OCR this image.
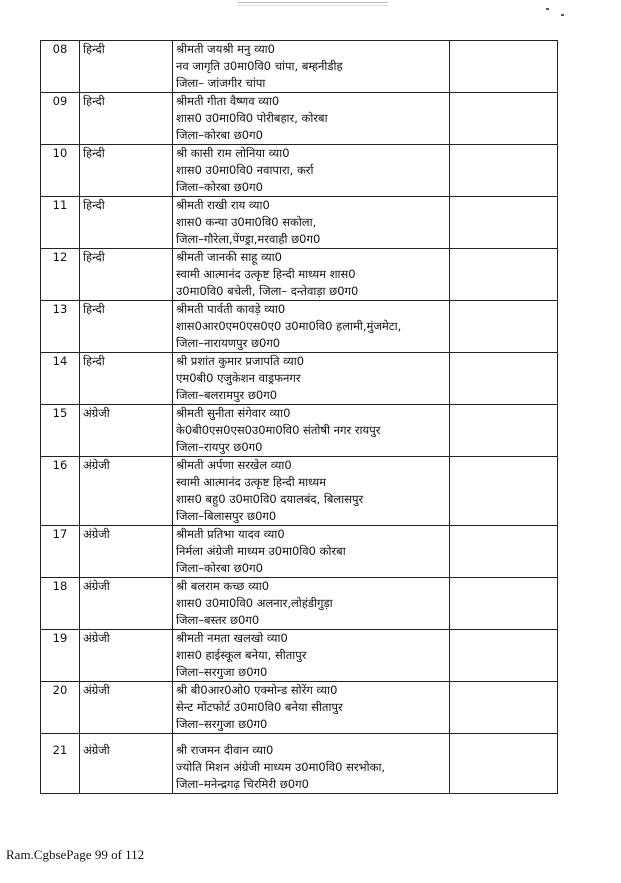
08	हिन्दी	श्रीमती जयश्री मनु व्या0
नव जागृति उ0मा0वि0 चांपा, बम्हनीडीह
जिला– जांजगीर चांपा	

09	हिन्दी	श्रीमती गीता वैष्णव व्या0
शास0 उ0मा0वि0 पोरीबहार, कोरबा
जिला–कोरबा छ0ग0	

10	हिन्दी	श्री कासी राम लोनिया व्या0
शास0 उ0मा0वि0 नवापारा, कर्रा
जिला–कोरबा छ0ग0	

11	हिन्दी	श्रीमती राखी राय व्या0
शास0 कन्या उ0मा0वि0 सकोला,
जिला–गौरेला,पेंण्ड्रा,मरवाही छ0ग0	

12	हिन्दी	श्रीमती जानकी साहू व्या0
स्वामी आत्मानंद उत्कृष्ट हिन्दी माध्यम शास0
उ0मा0वि0 बचेली, जिला– दन्तेवाड़ा छ0ग0	

13	हिन्दी	श्रीमती पार्वती कावड़े व्या0
शास0आर0एम0एस0ए0 उ0मा0वि0 हलामी,मुंजमेटा,
जिला–नारायणपुर छ0ग0	

14	हिन्दी	श्री प्रशांत कुमार प्रजापति व्या0
एम0बी0 एजुकेशन वाड्रफनगर
जिला–बलरामपुर छ0ग0	

15	अंग्रेजी	श्रीमती सुनीता संगेवार व्या0
के0बी0एस0एस0उ0मा0वि0 संतोषी नगर रायपुर
जिला–रायपुर छ0ग0	

16	अंग्रेजी	श्रीमती अर्पणा सरखेल व्या0
स्वामी आत्मानंद उत्कृष्ट हिन्दी माध्यम
शास0 बहु0 उ0मा0वि0 दयालबंद, बिलासपुर
जिला–बिलासपुर छ0ग0	

17	अंग्रेजी	श्रीमती प्रतिभा यादव व्या0
निर्मला अंग्रेजी माध्यम उ0मा0वि0 कोरबा
जिला–कोरबा छ0ग0	

18	अंग्रेजी	श्री बलराम कच्छ व्या0
शास0 उ0मा0वि0 अलनार,लोहंडीगुड़ा
जिला–बस्तर छ0ग0	

19	अंग्रेजी	श्रीमती नमता खलखो व्या0
शास0 हाईस्कूल बनेया, सीतापुर
जिला–सरगुजा छ0ग0	

20	अंग्रेजी	श्री बी0आर0ओ0 एक्मोन्ड सोरेंग व्या0
सेन्ट मोंटफोर्ट उ0मा0वि0 बनेया सीतापुर
जिला–सरगुजा छ0ग0	

21	अंग्रेजी	श्री राजमन दीवान व्या0
ज्योति मिशन अंग्रेजी माध्यम उ0मा0वि0 सरभोका,
जिला–मनेन्द्रगढ़ चिरमिरी छ0ग0	

Ram.CgbsePage 99 of 112
